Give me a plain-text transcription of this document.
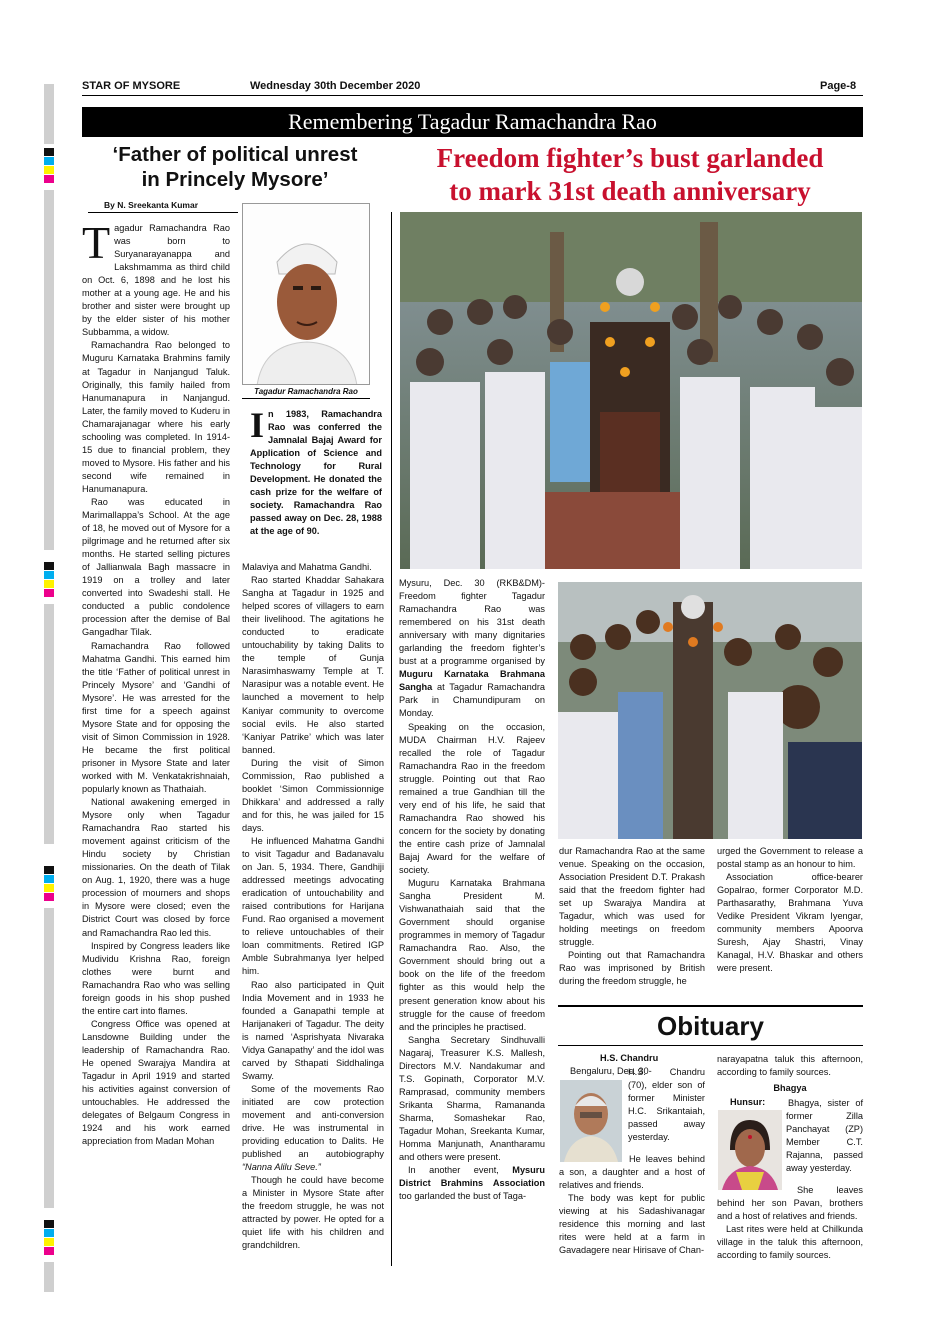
STAR OF MYSORE	Wednesday 30th December 2020	Page-8
Remembering Tagadur Ramachandra Rao
‘Father of political unrest
in Princely Mysore’
By N. Sreekanta Kumar

Tagadur Ramachandra Rao was born to Suryanarayanappa and Lakshmamma as third child on Oct. 6, 1898 and he lost his mother at a young age. He and his brother and sister were brought up by the elder sister of his mother Subbamma, a widow.

Ramachandra Rao belonged to Muguru Karnataka Brahmins family at Tagadur in Nanjangud Taluk. Originally, this family hailed from Hanumanapura in Nanjangud. Later, the family moved to Kuderu in Chamarajanagar where his early schooling was completed. In 1914-15 due to financial problem, they moved to Mysore. His father and his second wife remained in Hanumanapura.

Rao was educated in Marimallappa’s School. At the age of 18, he moved out of Mysore for a pilgrimage and he returned after six months. He started selling pictures of Jallianwala Bagh massacre in 1919 on a trolley and later converted into Swadeshi stall. He conducted a public condolence procession after the demise of Bal Gangadhar Tilak.

Ramachandra Rao followed Mahatma Gandhi. This earned him the title ‘Father of political unrest in Princely Mysore’ and ‘Gandhi of Mysore’. He was arrested for the first time for a speech against Mysore State and for opposing the visit of Simon Commission in 1928. He became the first political prisoner in Mysore State and later worked with M. Venkatakrishnaiah, popularly known as Thathaiah.

National awakening emerged in Mysore only when Tagadur Ramachandra Rao started his movement against criticism of the Hindu society by Christian missionaries. On the death of Tilak on Aug. 1, 1920, there was a huge procession of mourners and shops in Mysore were closed; even the District Court was closed by force and Ramachandra Rao led this.

Inspired by Congress leaders like Mudividu Krishna Rao, foreign clothes were burnt and Ramachandra Rao who was selling foreign goods in his shop pushed the entire cart into flames.

Congress Office was opened at Lansdowne Building under the leadership of Ramachandra Rao. He opened Swarajya Mandira at Tagadur in April 1919 and started his activities against conversion of untouchables. He addressed the delegates of Belgaum Congress in 1924 and his work earned appreciation from Madan Mohan

Tagadur Ramachandra Rao

In 1983, Ramachandra Rao was conferred the Jamnalal Bajaj Award for Application of Science and Technology for Rural Development. He donated the cash prize for the welfare of society. Ramachandra Rao passed away on Dec. 28, 1988 at the age of 90.

Malaviya and Mahatma Gandhi.

Rao started Khaddar Sahakara Sangha at Tagadur in 1925 and helped scores of villagers to earn their livelihood. The agitations he conducted to eradicate untouchability by taking Dalits to the temple of Gunja Narasimhaswamy Temple at T. Narasipur was a notable event. He launched a movement to help Kaniyar community to overcome social evils. He also started ‘Kaniyar Patrike’ which was later banned.

During the visit of Simon Commission, Rao published a booklet ‘Simon Commissionnige Dhikkara’ and addressed a rally and for this, he was jailed for 15 days.

He influenced Mahatma Gandhi to visit Tagadur and Badanavalu on Jan. 5, 1934. There, Gandhiji addressed meetings advocating eradication of untouchability and raised contributions for Harijana Fund. Rao organised a movement to relieve untouchables of their loan commitments. Retired IGP Amble Subrahmanya Iyer helped him.

Rao also participated in Quit India Movement and in 1933 he founded a Ganapathi temple at Harijanakeri of Tagadur. The deity is named ‘Asprishyata Nivaraka Vidya Ganapathy’ and the idol was carved by Sthapati Siddhalinga Swamy.

Some of the movements Rao initiated are cow protection movement and anti-conversion drive. He was instrumental in providing education to Dalits. He published an autobiography “Nanna Alilu Seve.”

Though he could have become a Minister in Mysore State after the freedom struggle, he was not attracted by power. He opted for a quiet life with his children and grandchildren.

Freedom fighter’s bust garlanded
to mark 31st death anniversary

Mysuru, Dec. 30 (RKB&DM)- Freedom fighter Tagadur Ramachandra Rao was remembered on his 31st death anniversary with many dignitaries garlanding the freedom fighter’s bust at a programme organised by Muguru Karnataka Brahmana Sangha at Tagadur Ramachandra Park in Chamundipuram on Monday.

Speaking on the occasion, MUDA Chairman H.V. Rajeev recalled the role of Tagadur Ramachandra Rao in the freedom struggle. Pointing out that Rao remained a true Gandhian till the very end of his life, he said that Ramachandra Rao showed his concern for the society by donating the entire cash prize of Jamnalal Bajaj Award for the welfare of society.

Muguru Karnataka Brahmana Sangha President M. Vishwanathaiah said that the Government should organise programmes in memory of Tagadur Ramachandra Rao. Also, the Government should bring out a book on the life of the freedom fighter as this would help the present generation know about his struggle for the cause of freedom and the principles he practised.

Sangha Secretary Sindhuvalli Nagaraj, Treasurer K.S. Mallesh, Directors M.V. Nandakumar and T.S. Gopinath, Corporator M.V. Ramprasad, community members Srikanta Sharma, Ramananda Sharma, Somashekar Rao, Tagadur Mohan, Sreekanta Kumar, Homma Manjunath, Anantharamu and others were present.

In another event, Mysuru District Brahmins Association too garlanded the bust of Taga-

dur Ramachandra Rao at the same venue. Speaking on the occasion, Association President D.T. Prakash said that the freedom fighter had set up Swarajya Mandira at Tagadur, which was used for holding meetings on freedom struggle.

Pointing out that Ramachandra Rao was imprisoned by British during the freedom struggle, he

urged the Government to release a postal stamp as an honour to him.

Association office-bearer Gopalrao, former Corporator M.D. Parthasarathy, Brahmana Yuva Vedike President Vikram Iyengar, community members Apoorva Suresh, Ajay Shastri, Vinay Kanagal, H.V. Bhaskar and others were present.

Obituary
H.S. Chandru
Bengaluru, Dec. 30-

H.S. Chandru (70), elder son of former Minister H.C. Srikantaiah, passed away yesterday.

He leaves behind a son, a daughter and a host of relatives and friends.

The body was kept for public viewing at his Sadashivanagar residence this morning and last rites were held at a farm in Gavadagere near Hirisave of Chan-

narayapatna taluk this afternoon, according to family sources.

Bhagya
Hunsur: Bhagya, sister of former Zilla Panchayat (ZP) Member C.T. Rajanna, passed away yesterday.

She leaves behind her son Pavan, brothers and a host of relatives and friends.

Last rites were held at Chilkunda village in the taluk this afternoon, according to family sources.
